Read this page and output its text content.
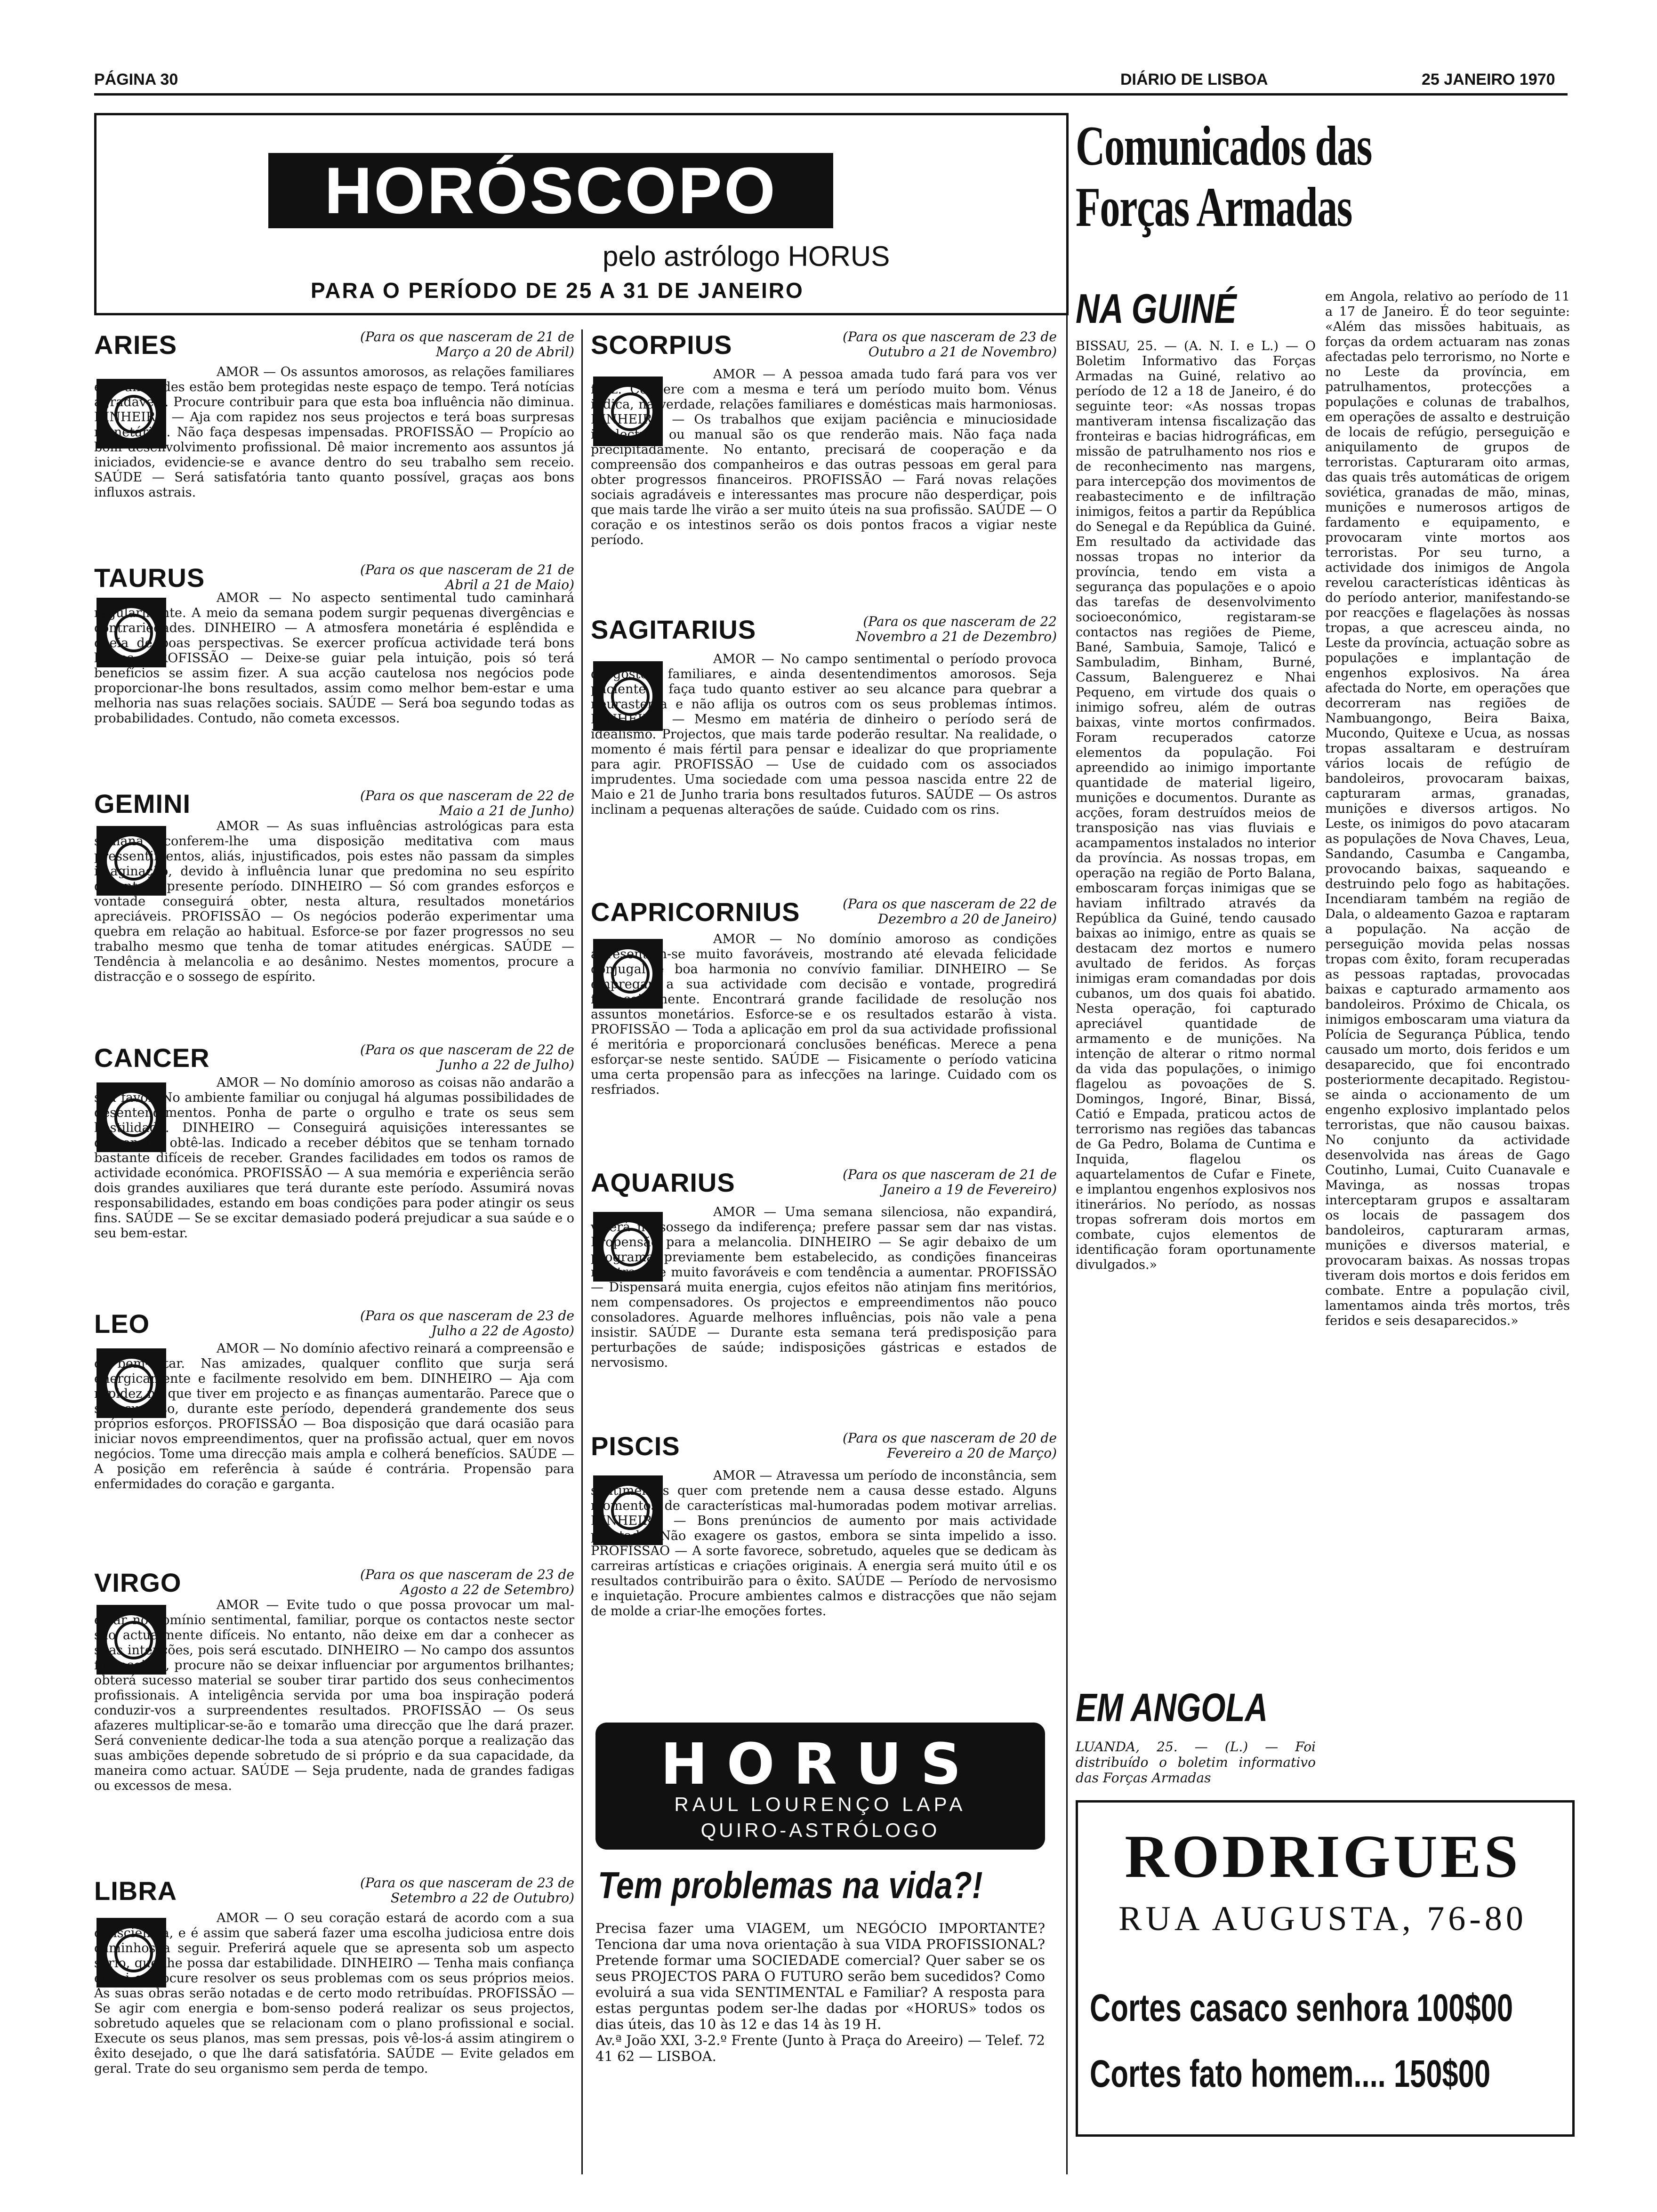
PÁGINA 30	DIÁRIO DE LISBOA	25 JANEIRO 1970
HORÓSCOPO
pelo astrólogo HORUS
PARA O PERÍODO DE 25 A 31 DE JANEIRO
ARIES	(Para os que nasceram de 21 de Março a 20 de Abril)
AMOR — Os assuntos amorosos, as relações familiares e as amizades estão bem protegidas neste espaço de tempo. Terá notícias agradáveis. Procure contribuir para que esta boa influência não diminua. DINHEIRO — Aja com rapidez nos seus projectos e terá boas surpresas monetárias. Não faça despesas impensadas. PROFISSÃO — Propício ao bom desenvolvimento profissional. Dê maior incremento aos assuntos já iniciados, evidencie-se e avance dentro do seu trabalho sem receio. SAÚDE — Será satisfatória tanto quanto possível, graças aos bons influxos astrais.
TAURUS	(Para os que nasceram de 21 de Abril a 21 de Maio)
AMOR — No aspecto sentimental tudo caminhará regularmente. A meio da semana podem surgir pequenas divergências e contrariedades. DINHEIRO — A atmosfera monetária é esplêndida e cheia de boas perspectivas. Se exercer profícua actividade terá bons lucros. PROFISSÃO — Deixe-se guiar pela intuição, pois só terá benefícios se assim fizer. A sua acção cautelosa nos negócios pode proporcionar-lhe bons resultados, assim como melhor bem-estar e uma melhoria nas suas relações sociais. SAÚDE — Será boa segundo todas as probabilidades. Contudo, não cometa excessos.
GEMINI	(Para os que nasceram de 22 de Maio a 21 de Junho)
AMOR — As suas influências astrológicas para esta semana conferem-lhe uma disposição meditativa com maus pressentimentos, aliás, injustificados, pois estes não passam da simples imaginação, devido à influência lunar que predomina no seu espírito durante o presente período. DINHEIRO — Só com grandes esforços e vontade conseguirá obter, nesta altura, resultados monetários apreciáveis. PROFISSÃO — Os negócios poderão experimentar uma quebra em relação ao habitual. Esforce-se por fazer progressos no seu trabalho mesmo que tenha de tomar atitudes enérgicas. SAÚDE — Tendência à melancolia e ao desânimo. Nestes momentos, procure a distracção e o sossego de espírito.
CANCER	(Para os que nasceram de 22 de Junho a 22 de Julho)
AMOR — No domínio amoroso as coisas não andarão a seu favor. No ambiente familiar ou conjugal há algumas possibilidades de desentendimentos. Ponha de parte o orgulho e trate os seus sem hostilidade. DINHEIRO — Conseguirá aquisições interessantes se diligenciar obtê-las. Indicado a receber débitos que se tenham tornado bastante difíceis de receber. Grandes facilidades em todos os ramos de actividade económica. PROFISSÃO — A sua memória e experiência serão dois grandes auxiliares que terá durante este período. Assumirá novas responsabilidades, estando em boas condições para poder atingir os seus fins. SAÚDE — Se se excitar demasiado poderá prejudicar a sua saúde e o seu bem-estar.
LEO	(Para os que nasceram de 23 de Julho a 22 de Agosto)
AMOR — No domínio afectivo reinará a compreensão e o bem-estar. Nas amizades, qualquer conflito que surja será energicamente e facilmente resolvido em bem. DINHEIRO — Aja com rapidez no que tiver em projecto e as finanças aumentarão. Parece que o seu sucesso, durante este período, dependerá grandemente dos seus próprios esforços. PROFISSÃO — Boa disposição que dará ocasião para iniciar novos empreendimentos, quer na profissão actual, quer em novos negócios. Tome uma direcção mais ampla e colherá benefícios. SAÚDE — A posição em referência à saúde é contrária. Propensão para enfermidades do coração e garganta.
VIRGO	(Para os que nasceram de 23 de Agosto a 22 de Setembro)
AMOR — Evite tudo o que possa provocar um mal-estar no domínio sentimental, familiar, porque os contactos neste sector são actualmente difíceis. No entanto, não deixe em dar a conhecer as suas intenções, pois será escutado. DINHEIRO — No campo dos assuntos financeiros, procure não se deixar influenciar por argumentos brilhantes; obterá sucesso material se souber tirar partido dos seus conhecimentos profissionais. A inteligência servida por uma boa inspiração poderá conduzir-vos a surpreendentes resultados. PROFISSÃO — Os seus afazeres multiplicar-se-ão e tomarão uma direcção que lhe dará prazer. Será conveniente dedicar-lhe toda a sua atenção porque a realização das suas ambições depende sobretudo de si próprio e da sua capacidade, da maneira como actuar. SAÚDE — Seja prudente, nada de grandes fadigas ou excessos de mesa.
LIBRA	(Para os que nasceram de 23 de Setembro a 22 de Outubro)
AMOR — O seu coração estará de acordo com a sua consciência, e é assim que saberá fazer uma escolha judiciosa entre dois caminhos a seguir. Preferirá aquele que se apresenta sob um aspecto sério, que lhe possa dar estabilidade. DINHEIRO — Tenha mais confiança em si e procure resolver os seus problemas com os seus próprios meios. As suas obras serão notadas e de certo modo retribuídas. PROFISSÃO — Se agir com energia e bom-senso poderá realizar os seus projectos, sobretudo aqueles que se relacionam com o plano profissional e social. Execute os seus planos, mas sem pressas, pois vê-los-á assim atingirem o êxito desejado, o que lhe dará satisfatória. SAÚDE — Evite gelados em geral. Trate do seu organismo sem perda de tempo.
SCORPIUS	(Para os que nasceram de 23 de Outubro a 21 de Novembro)
AMOR — A pessoa amada tudo fará para vos ver feliz. Coopere com a mesma e terá um período muito bom. Vénus indica, na verdade, relações familiares e domésticas mais harmoniosas. DINHEIRO — Os trabalhos que exijam paciência e minuciosidade intelectual ou manual são os que renderão mais. Não faça nada precipitadamente. No entanto, precisará de cooperação e da compreensão dos companheiros e das outras pessoas em geral para obter progressos financeiros. PROFISSÃO — Fará novas relações sociais agradáveis e interessantes mas procure não desperdiçar, pois que mais tarde lhe virão a ser muito úteis na sua profissão. SAÚDE — O coração e os intestinos serão os dois pontos fracos a vigiar neste período.
SAGITARIUS	(Para os que nasceram de 22 Novembro a 21 de Dezembro)
AMOR — No campo sentimental o período provoca desgostos familiares, e ainda desentendimentos amorosos. Seja paciente e faça tudo quanto estiver ao seu alcance para quebrar a neurastenia e não aflija os outros com os seus problemas íntimos. DINHEIRO — Mesmo em matéria de dinheiro o período será de idealismo. Projectos, que mais tarde poderão resultar. Na realidade, o momento é mais fértil para pensar e idealizar do que propriamente para agir. PROFISSÃO — Use de cuidado com os associados imprudentes. Uma sociedade com uma pessoa nascida entre 22 de Maio e 21 de Junho traria bons resultados futuros. SAÚDE — Os astros inclinam a pequenas alterações de saúde. Cuidado com os rins.
CAPRICORNIUS	(Para os que nasceram de 22 de Dezembro a 20 de Janeiro)
AMOR — No domínio amoroso as condições apresentam-se muito favoráveis, mostrando até elevada felicidade conjugal e boa harmonia no convívio familiar. DINHEIRO — Se empregar a sua actividade com decisão e vontade, progredirá financeiramente. Encontrará grande facilidade de resolução nos assuntos monetários. Esforce-se e os resultados estarão à vista. PROFISSÃO — Toda a aplicação em prol da sua actividade profissional é meritória e proporcionará conclusões benéficas. Merece a pena esforçar-se neste sentido. SAÚDE — Fisicamente o período vaticina uma certa propensão para as infecções na laringe. Cuidado com os resfriados.
AQUARIUS	(Para os que nasceram de 21 de Janeiro a 19 de Fevereiro)
AMOR — Uma semana silenciosa, não expandirá, viverá no sossego da indiferença; prefere passar sem dar nas vistas. Propensão para a melancolia. DINHEIRO — Se agir debaixo de um programa previamente bem estabelecido, as condições financeiras mostram-se muito favoráveis e com tendência a aumentar. PROFISSÃO — Dispensará muita energia, cujos efeitos não atinjam fins meritórios, nem compensadores. Os projectos e empreendimentos não pouco consoladores. Aguarde melhores influências, pois não vale a pena insistir. SAÚDE — Durante esta semana terá predisposição para perturbações de saúde; indisposições gástricas e estados de nervosismo.
PISCIS	(Para os que nasceram de 20 de Fevereiro a 20 de Março)
AMOR — Atravessa um período de inconstância, sem sentimentos quer com pretende nem a causa desse estado. Alguns momentos de características mal-humoradas podem motivar arrelias. DINHEIRO — Bons prenúncios de aumento por mais actividade prestada. Não exagere os gastos, embora se sinta impelido a isso. PROFISSÃO — A sorte favorece, sobretudo, aqueles que se dedicam às carreiras artísticas e criações originais. A energia será muito útil e os resultados contribuirão para o êxito. SAÚDE — Período de nervosismo e inquietação. Procure ambientes calmos e distracções que não sejam de molde a criar-lhe emoções fortes.
HORUS
RAUL LOURENÇO LAPA
QUIRO-ASTRÓLOGO
Tem problemas na vida?!
Precisa fazer uma VIAGEM, um NEGÓCIO IMPORTANTE? Tenciona dar uma nova orientação à sua VIDA PROFISSIONAL? Pretende formar uma SOCIEDADE comercial? Quer saber se os seus PROJECTOS PARA O FUTURO serão bem sucedidos? Como evoluirá a sua vida SENTIMENTAL e Familiar? A resposta para estas perguntas podem ser-lhe dadas por «HORUS» todos os dias úteis, das 10 às 12 e das 14 às 19 H.
Av.ª João XXI, 3-2.º Frente (Junto à Praça do Areeiro) — Telef. 72 41 62 — LISBOA.
Comunicados das Forças Armadas
NA GUINÉ
BISSAU, 25. — (A. N. I. e L.) — O Boletim Informativo das Forças Armadas na Guiné, relativo ao período de 12 a 18 de Janeiro, é do seguinte teor: «As nossas tropas mantiveram intensa fiscalização das fronteiras e bacias hidrográficas, em missão de patrulhamento nos rios e de reconhecimento nas margens, para intercepção dos movimentos de reabastecimento e de infiltração inimigos, feitos a partir da República do Senegal e da República da Guiné. Em resultado da actividade das nossas tropas no interior da província, tendo em vista a segurança das populações e o apoio das tarefas de desenvolvimento socioeconómico, registaram-se contactos nas regiões de Pieme, Bané, Sambuia, Samoje, Talicó e Sambuladim, Binham, Burné, Cassum, Balenguerez e Nhai Pequeno, em virtude dos quais o inimigo sofreu, além de outras baixas, vinte mortos confirmados. Foram recuperados catorze elementos da população. Foi apreendido ao inimigo importante quantidade de material ligeiro, munições e documentos. Durante as acções, foram destruídos meios de transposição nas vias fluviais e acampamentos instalados no interior da província. As nossas tropas, em operação na região de Porto Balana, emboscaram forças inimigas que se haviam infiltrado através da República da Guiné, tendo causado baixas ao inimigo, entre as quais se destacam dez mortos e numero avultado de feridos. As forças inimigas eram comandadas por dois cubanos, um dos quais foi abatido. Nesta operação, foi capturado apreciável quantidade de armamento e de munições. Na intenção de alterar o ritmo normal da vida das populações, o inimigo flagelou as povoações de S. Domingos, Ingoré, Binar, Bissá, Catió e Empada, praticou actos de terrorismo nas regiões das tabancas de Ga Pedro, Bolama de Cuntima e Inquida, flagelou os aquartelamentos de Cufar e Finete, e implantou engenhos explosivos nos itinerários. No período, as nossas tropas sofreram dois mortos em combate, cujos elementos de identificação foram oportunamente divulgados.»
em Angola, relativo ao período de 11 a 17 de Janeiro. É do teor seguinte: «Além das missões habituais, as forças da ordem actuaram nas zonas afectadas pelo terrorismo, no Norte e no Leste da província, em patrulhamentos, protecções a populações e colunas de trabalhos, em operações de assalto e destruição de locais de refúgio, perseguição e aniquilamento de grupos de terroristas. Capturaram oito armas, das quais três automáticas de origem soviética, granadas de mão, minas, munições e numerosos artigos de fardamento e equipamento, e provocaram vinte mortos aos terroristas. Por seu turno, a actividade dos inimigos de Angola revelou características idênticas às do período anterior, manifestando-se por reacções e flagelações às nossas tropas, a que acresceu ainda, no Leste da província, actuação sobre as populações e implantação de engenhos explosivos. Na área afectada do Norte, em operações que decorreram nas regiões de Nambuangongo, Beira Baixa, Mucondo, Quitexe e Ucua, as nossas tropas assaltaram e destruíram vários locais de refúgio de bandoleiros, provocaram baixas, capturaram armas, granadas, munições e diversos artigos. No Leste, os inimigos do povo atacaram as populações de Nova Chaves, Leua, Sandando, Casumba e Cangamba, provocando baixas, saqueando e destruindo pelo fogo as habitações. Incendiaram também na região de Dala, o aldeamento Gazoa e raptaram a população. Na acção de perseguição movida pelas nossas tropas com êxito, foram recuperadas as pessoas raptadas, provocadas baixas e capturado armamento aos bandoleiros. Próximo de Chicala, os inimigos emboscaram uma viatura da Polícia de Segurança Pública, tendo causado um morto, dois feridos e um desaparecido, que foi encontrado posteriormente decapitado. Registou-se ainda o accionamento de um engenho explosivo implantado pelos terroristas, que não causou baixas. No conjunto da actividade desenvolvida nas áreas de Gago Coutinho, Lumai, Cuito Cuanavale e Mavinga, as nossas tropas interceptaram grupos e assaltaram os locais de passagem dos bandoleiros, capturaram armas, munições e diversos material, e provocaram baixas. As nossas tropas tiveram dois mortos e dois feridos em combate. Entre a população civil, lamentamos ainda três mortos, três feridos e seis desaparecidos.»
EM ANGOLA
LUANDA, 25. — (L.) — Foi distribuído o boletim informativo das Forças Armadas
RODRIGUES
RUA AUGUSTA, 76-80
Cortes casaco senhora 100$00
Cortes fato homem.... 150$00
